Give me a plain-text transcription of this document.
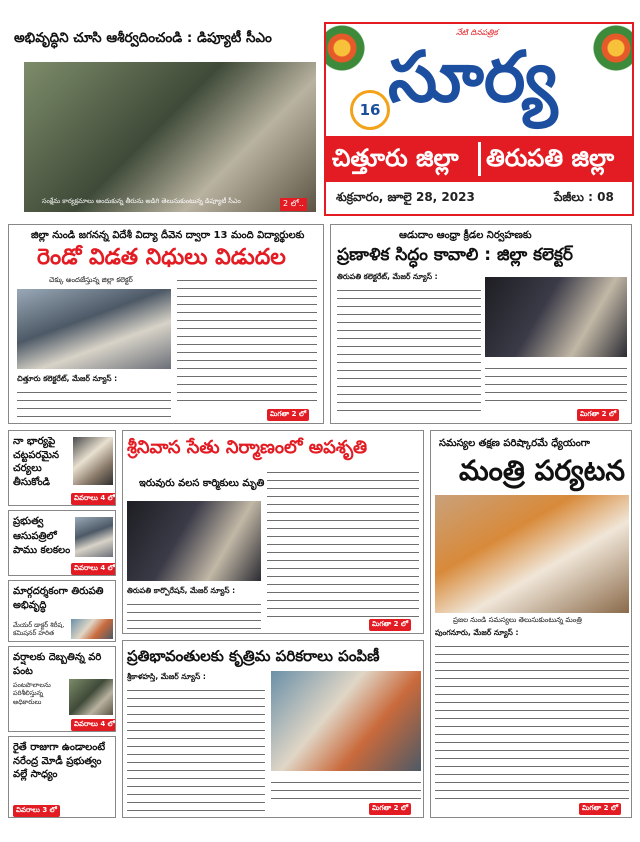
అభివృద్ధిని చూసి ఆశీర్వదించండి : డిప్యూటీ సీఎం
సంక్షేమ కార్యక్రమాలు అందుకున్న తీరును అడిగి తెలుసుకుంటున్న డిప్యూటీ సీఎం	2 లో..
నేటి దినపత్రిక
16 సూర్య
చిత్తూరు జిల్లా తిరుపతి జిల్లా
శుక్రవారం, జూలై 28, 2023	పేజీలు : 08
జిల్లా నుండి జగనన్న విదేశీ విద్యా దీవెన ద్వారా 13 మంది విద్యార్థులకు
రెండో విడత నిధులు విడుదల
చెక్కు అందజేస్తున్న జిల్లా కలెక్టర్
చిత్తూరు కలెక్టరేట్, మేజర్ న్యూస్ :
మిగతా 2 లో
ఆడుదాం ఆంధ్రా క్రీడల నిర్వహణకు
ప్రణాళిక సిద్ధం కావాలి : జిల్లా కలెక్టర్
తిరుపతి కలెక్టరేట్, మేజర్ న్యూస్ :
మిగతా 2 లో
నా భార్యపై చట్టపరమైన చర్యలు తీసుకోండి
వివరాలు 4 లో
ప్రభుత్వ ఆసుపత్రిలో పాము కలకలం
వివరాలు 4 లో
మార్గదర్శకంగా తిరుపతి అభివృద్ధి
మేయర్ డాక్టర్ శిరీష, కమిషనర్ హరిత
వర్షాలకు దెబ్బతిన్న వరి పంట
పంటపొలాలను పరిశీలిస్తున్న అధికారులు
వివరాలు 4 లో
రైతే రాజుగా ఉండాలంటే నరేంద్ర మోడీ ప్రభుత్వం వల్లే సాధ్యం
వివరాలు 3 లో
శ్రీనివాస సేతు నిర్మాణంలో అపశృతి
ఇరువురు వలస కార్మికులు మృతి
తిరుపతి కార్పొరేషన్, మేజర్ న్యూస్ :
మిగతా 2 లో
సమస్యల తక్షణ పరిష్కారమే ధ్యేయంగా
మంత్రి పర్యటన
ప్రజల నుండి సమస్యలు తెలుసుకుంటున్న మంత్రి
పుంగనూరు, మేజర్ న్యూస్ :
మిగతా 2 లో
ప్రతిభావంతులకు కృత్రిమ పరికరాలు పంపిణీ
శ్రీకాళహస్తి, మేజర్ న్యూస్ :
మిగతా 2 లో
